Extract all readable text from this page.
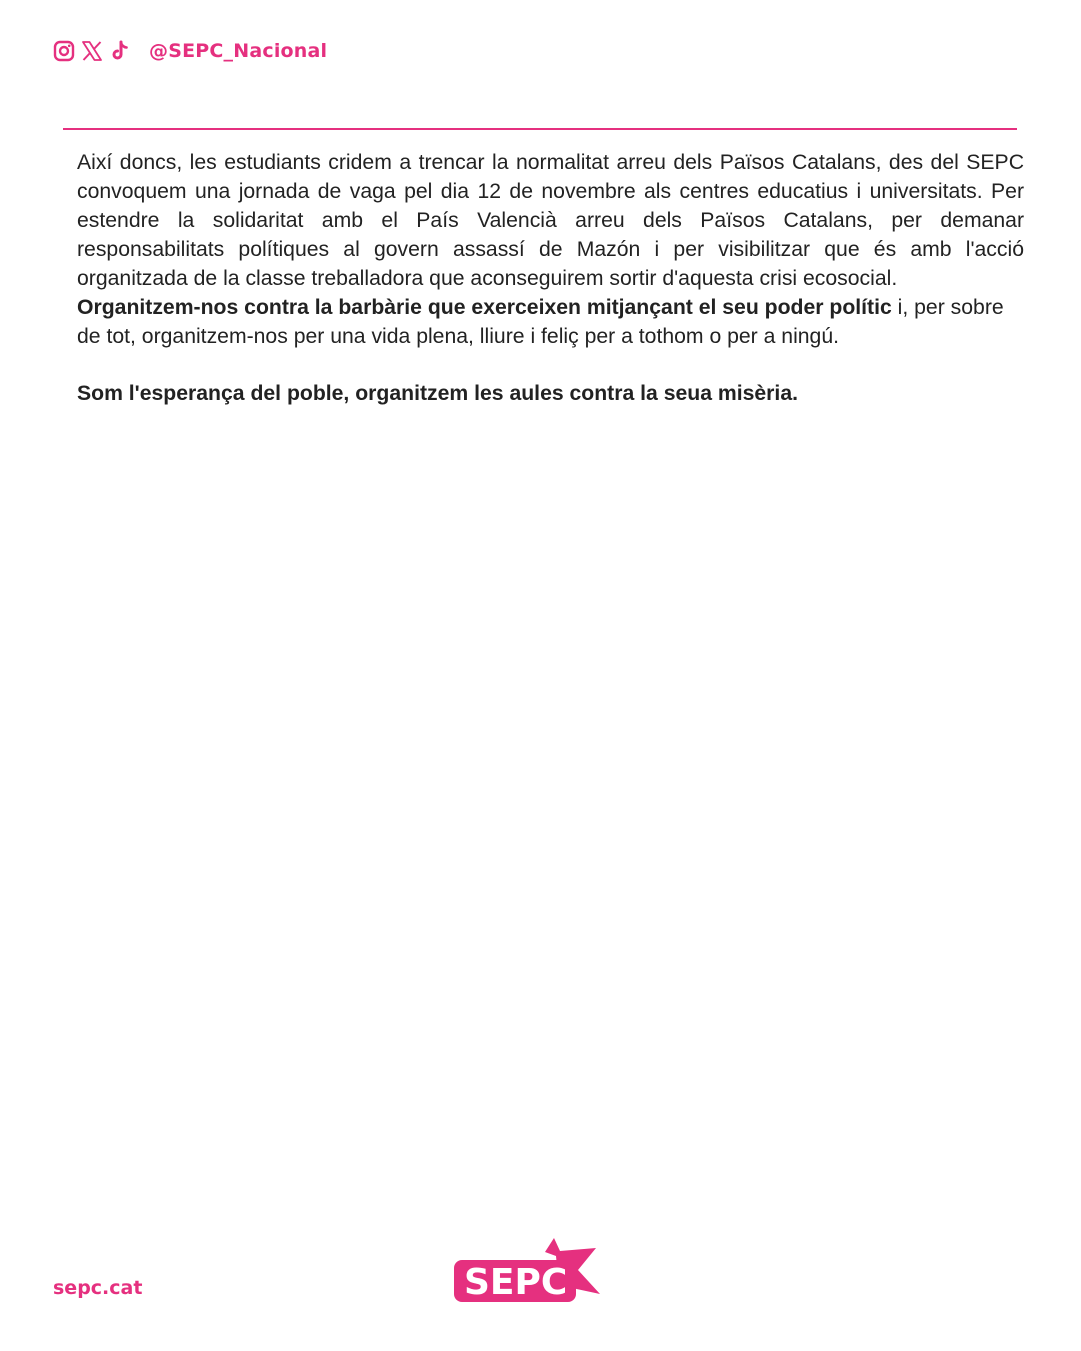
@SEPC_Nacional

Així doncs, les estudiants cridem a trencar la normalitat arreu dels Països Catalans, des del SEPC convoquem una jornada de vaga pel dia 12 de novembre als centres educatius i universitats. Per estendre la solidaritat amb el País Valencià arreu dels Països Catalans, per demanar responsabilitats polítiques al govern assassí de Mazón i per visibilitzar que és amb l'acció organitzada de la classe treballadora que aconseguirem sortir d'aquesta crisi ecosocial.

Organitzem-nos contra la barbàrie que exerceixen mitjançant el seu poder polític i, per sobre de tot, organitzem-nos per una vida plena, lliure i feliç per a tothom o per a ningú.

Som l'esperança del poble, organitzem les aules contra la seua misèria.

sepc.cat	SEPC
